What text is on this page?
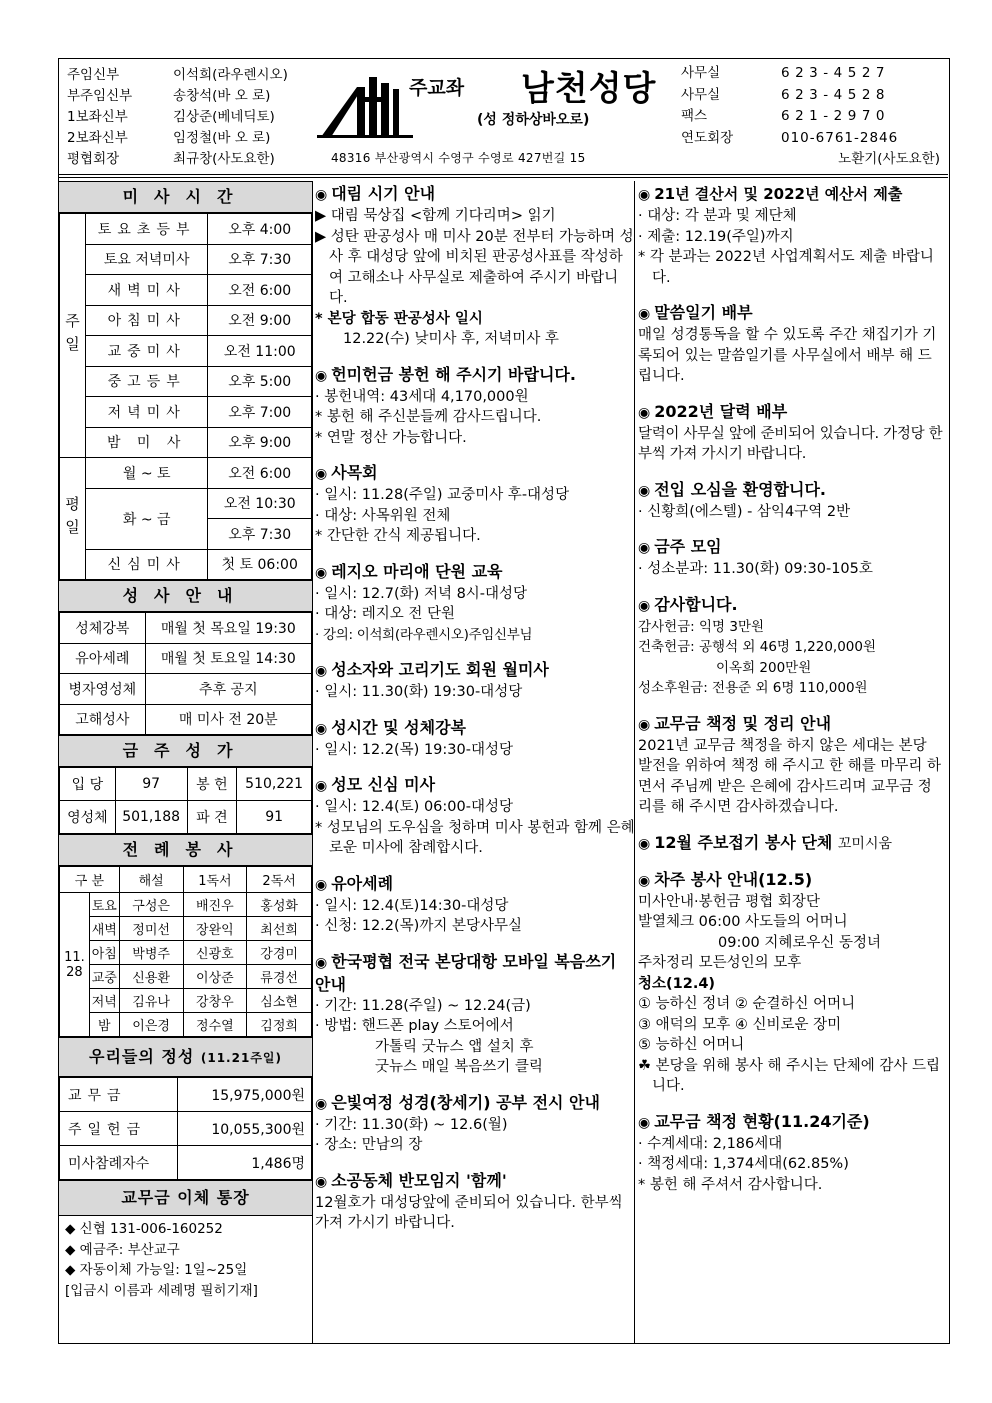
주임신부	이석희(라우렌시오)
부주임신부	송창석(바 오 로)
1보좌신부	김상준(베네딕토)
2보좌신부	임정철(바 오 로)
평협회장	최규창(사도요한)
주교좌 남천성당
(성 정하상바오로)
48316 부산광역시 수영구 수영로 427번길 15
사무실	623-4527
사무실	623-4528
팩스	621-2970
연도회장	010-6761-2846
노환기(사도요한)
미사시간
주일	토요초등부	오후 4:00
	토요 저녁미사	오후 7:30
	새벽미사	오전 6:00
	아침미사	오전 9:00
	교중미사	오전 11:00
	중고등부	오후 5:00
	저녁미사	오후 7:00
	밤 미 사	오후 9:00
평일	월 ~ 토	오전 6:00
	화 ~ 금	오전 10:30
		오후 7:30
	신심미사	첫 토 06:00
성사안내
성체강복	매월 첫 목요일 19:30
유아세례	매월 첫 토요일 14:30
병자영성체	추후 공지
고해성사	매 미사 전 20분
금주성가
입 당	97	봉 헌	510,221
영성체	501,188	파 견	91
전례봉사
구 분		해설	1독서	2독서
11.28	토요	구성은	배진우	홍성화
	새벽	정미선	장완익	최선희
	아침	박병주	신광호	강경미
	교중	신용환	이상준	류경선
	저녁	김유나	강창우	심소현
	밤	이은경	정수열	김정희
우리들의 정성 (11.21주일)
교무금	15,975,000원
주일헌금	10,055,300원
미사참례자수	1,486명
교무금 이체 통장
◆ 신협 131-006-160252
◆ 예금주: 부산교구
◆ 자동이체 가능일: 1일~25일
[입금시 이름과 세례명 필히기재]
◉ 대림 시기 안내

▶ 대림 묵상집 <함께 기다리며> 읽기

▶ 성탄 판공성사 매 미사 20분 전부터 가능하며 성사 후 대성당 앞에 비치된 판공성사표를 작성하여 고해소나 사무실로 제출하여 주시기 바랍니다.

* 본당 합동 판공성사 일시

12.22(수) 낮미사 후, 저녁미사 후

◉ 헌미헌금 봉헌 해 주시기 바랍니다.

· 봉헌내역: 43세대 4,170,000원

* 봉헌 해 주신분들께 감사드립니다.

* 연말 정산 가능합니다.

◉ 사목회

· 일시: 11.28(주일) 교중미사 후-대성당

· 대상: 사목위원 전체

* 간단한 간식 제공됩니다.

◉ 레지오 마리애 단원 교육

· 일시: 12.7(화) 저녁 8시-대성당

· 대상: 레지오 전 단원

· 강의: 이석희(라우렌시오)주임신부님

◉ 성소자와 고리기도 회원 월미사

· 일시: 11.30(화) 19:30-대성당

◉ 성시간 및 성체강복

· 일시: 12.2(목) 19:30-대성당

◉ 성모 신심 미사

· 일시: 12.4(토) 06:00-대성당

* 성모님의 도우심을 청하며 미사 봉헌과 함께 은혜로운 미사에 참례합시다.

◉ 유아세례

· 일시: 12.4(토)14:30-대성당

· 신청: 12.2(목)까지 본당사무실

◉ 한국평협 전국 본당대항 모바일 복음쓰기 안내

· 기간: 11.28(주일) ~ 12.24(금)

· 방법: 핸드폰 play 스토어에서

가톨릭 굿뉴스 앱 설치 후

굿뉴스 매일 복음쓰기 클릭

◉ 은빛여정 성경(창세기) 공부 전시 안내

· 기간: 11.30(화) ~ 12.6(월)

· 장소: 만남의 장

◉ 소공동체 반모임지 '함께'

12월호가 대성당앞에 준비되어 있습니다. 한부씩 가져 가시기 바랍니다.

◉ 21년 결산서 및 2022년 예산서 제출

· 대상: 각 분과 및 제단체

· 제출: 12.19(주일)까지

* 각 분과는 2022년 사업계획서도 제출 바랍니다.

◉ 말씀일기 배부

매일 성경통독을 할 수 있도록 주간 채집기가 기록되어 있는 말씀일기를 사무실에서 배부 해 드립니다.

◉ 2022년 달력 배부

달력이 사무실 앞에 준비되어 있습니다. 가정당 한부씩 가져 가시기 바랍니다.

◉ 전입 오심을 환영합니다.

· 신황희(에스텔) - 삼익4구역 2반

◉ 금주 모임

· 성소분과: 11.30(화) 09:30-105호

◉ 감사합니다.

감사헌금: 익명 3만원

건축헌금: 공행석 외 46명 1,220,000원

이옥희 200만원

성소후원금: 전용준 외 6명 110,000원

◉ 교무금 책정 및 정리 안내

2021년 교무금 책정을 하지 않은 세대는 본당 발전을 위하여 책정 해 주시고 한 해를 마무리 하면서 주님께 받은 은혜에 감사드리며 교무금 정리를 해 주시면 감사하겠습니다.

◉ 12월 주보접기 봉사 단체 꼬미시움
◉ 차주 봉사 안내(12.5)

미사안내·봉헌금 평협 회장단

발열체크 06:00 사도들의 어머니

09:00 지혜로우신 동정녀

주차정리 모든성인의 모후

청소(12.4)

① 능하신 정녀 ② 순결하신 어머니

③ 애덕의 모후 ④ 신비로운 장미

⑤ 능하신 어머니

☘ 본당을 위해 봉사 해 주시는 단체에 감사 드립니다.

◉ 교무금 책정 현황(11.24기준)

· 수계세대: 2,186세대

· 책정세대: 1,374세대(62.85%)

* 봉헌 해 주셔서 감사합니다.
